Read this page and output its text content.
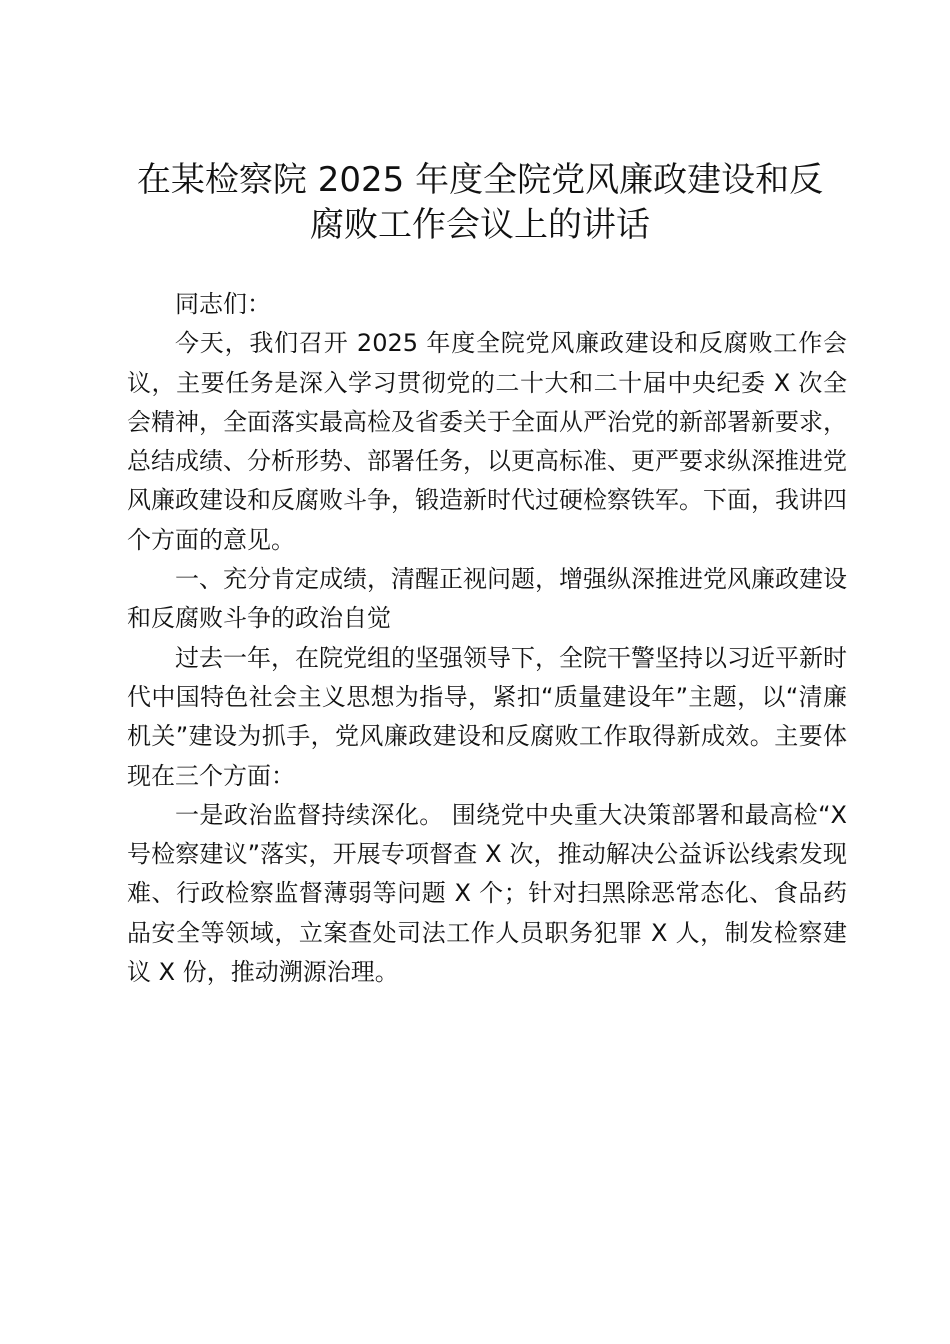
在某检察院 2025 年度全院党风廉政建设和反
腐败工作会议上的讲话

同志们：

今天，我们召开 2025 年度全院党风廉政建设和反腐败工作会议，主要任务是深入学习贯彻党的二十大和二十届中央纪委 X 次全会精神，全面落实最高检及省委关于全面从严治党的新部署新要求，总结成绩、分析形势、部署任务，以更高标准、更严要求纵深推进党风廉政建设和反腐败斗争，锻造新时代过硬检察铁军。下面，我讲四个方面的意见。

一、充分肯定成绩，清醒正视问题，增强纵深推进党风廉政建设和反腐败斗争的政治自觉

过去一年，在院党组的坚强领导下，全院干警坚持以习近平新时代中国特色社会主义思想为指导，紧扣“质量建设年”主题，以“清廉机关”建设为抓手，党风廉政建设和反腐败工作取得新成效。主要体现在三个方面：

一是政治监督持续深化。 围绕党中央重大决策部署和最高检“X 号检察建议”落实，开展专项督查 X 次，推动解决公益诉讼线索发现难、行政检察监督薄弱等问题 X 个；针对扫黑除恶常态化、食品药品安全等领域，立案查处司法工作人员职务犯罪 X 人，制发检察建议 X 份，推动溯源治理。
